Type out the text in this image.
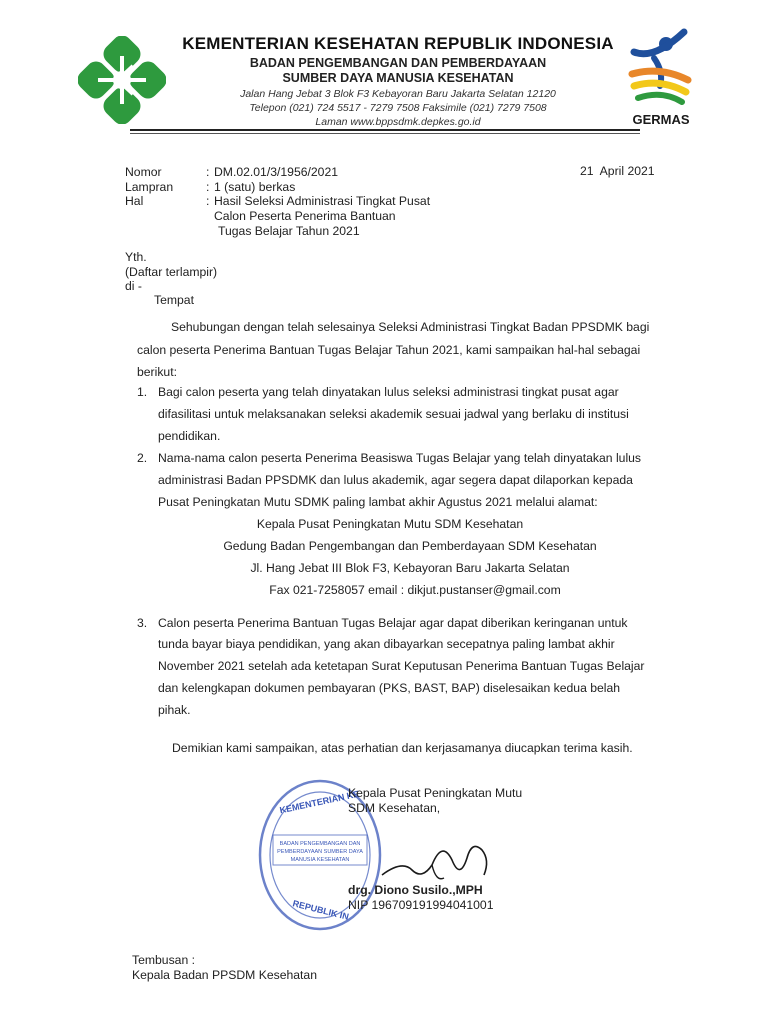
KEMENTERIAN KESEHATAN REPUBLIK INDONESIA
BADAN PENGEMBANGAN DAN PEMBERDAYAAN
SUMBER DAYA MANUSIA KESEHATAN
Jalan Hang Jebat 3 Blok F3 Kebayoran Baru Jakarta Selatan 12120
Telepon (021) 724 5517 - 7279 7508 Faksimile (021) 7279 7508
Laman www.bppsdmk.depkes.go.id	GERMAS
Nomor	: DM.02.01/3/1956/2021
Lampran	: 1 (satu) berkas
Hal	: Hasil Seleksi Administrasi Tingkat Pusat
Calon Peserta Penerima Bantuan
Tugas Belajar Tahun 2021
21 April 2021
Yth.
(Daftar terlampir)
di -
Tempat
Sehubungan dengan telah selesainya Seleksi Administrasi Tingkat Badan PPSDMK bagi
calon peserta Penerima Bantuan Tugas Belajar Tahun 2021, kami sampaikan hal-hal sebagai
berikut:
1. Bagi calon peserta yang telah dinyatakan lulus seleksi administrasi tingkat pusat agar
difasilitasi untuk melaksanakan seleksi akademik sesuai jadwal yang berlaku di institusi
pendidikan.
2. Nama-nama calon peserta Penerima Beasiswa Tugas Belajar yang telah dinyatakan lulus
administrasi Badan PPSDMK dan lulus akademik, agar segera dapat dilaporkan kepada
Pusat Peningkatan Mutu SDMK paling lambat akhir Agustus 2021 melalui alamat:
Kepala Pusat Peningkatan Mutu SDM Kesehatan
Gedung Badan Pengembangan dan Pemberdayaan SDM Kesehatan
Jl. Hang Jebat III Blok F3, Kebayoran Baru Jakarta Selatan
Fax 021-7258057 email : dikjut.pustanser@gmail.com
3. Calon peserta Penerima Bantuan Tugas Belajar agar dapat diberikan keringanan untuk
tunda bayar biaya pendidikan, yang akan dibayarkan secepatnya paling lambat akhir
November 2021 setelah ada ketetapan Surat Keputusan Penerima Bantuan Tugas Belajar
dan kelengkapan dokumen pembayaran (PKS, BAST, BAP) diselesaikan kedua belah
pihak.
Demikian kami sampaikan, atas perhatian dan kerjasamanya diucapkan terima kasih.
BADAN PENGEMBANGAN DAN
PEMBERDAYAAN SUMBER DAYA
MANUSIA KESEHATAN
KEMENTERIAN KE
REPUBLIK IN
Kepala Pusat Peningkatan Mutu
SDM Kesehatan,
drg. Diono Susilo.,MPH
NIP 196709191994041001
Tembusan :
Kepala Badan PPSDM Kesehatan
